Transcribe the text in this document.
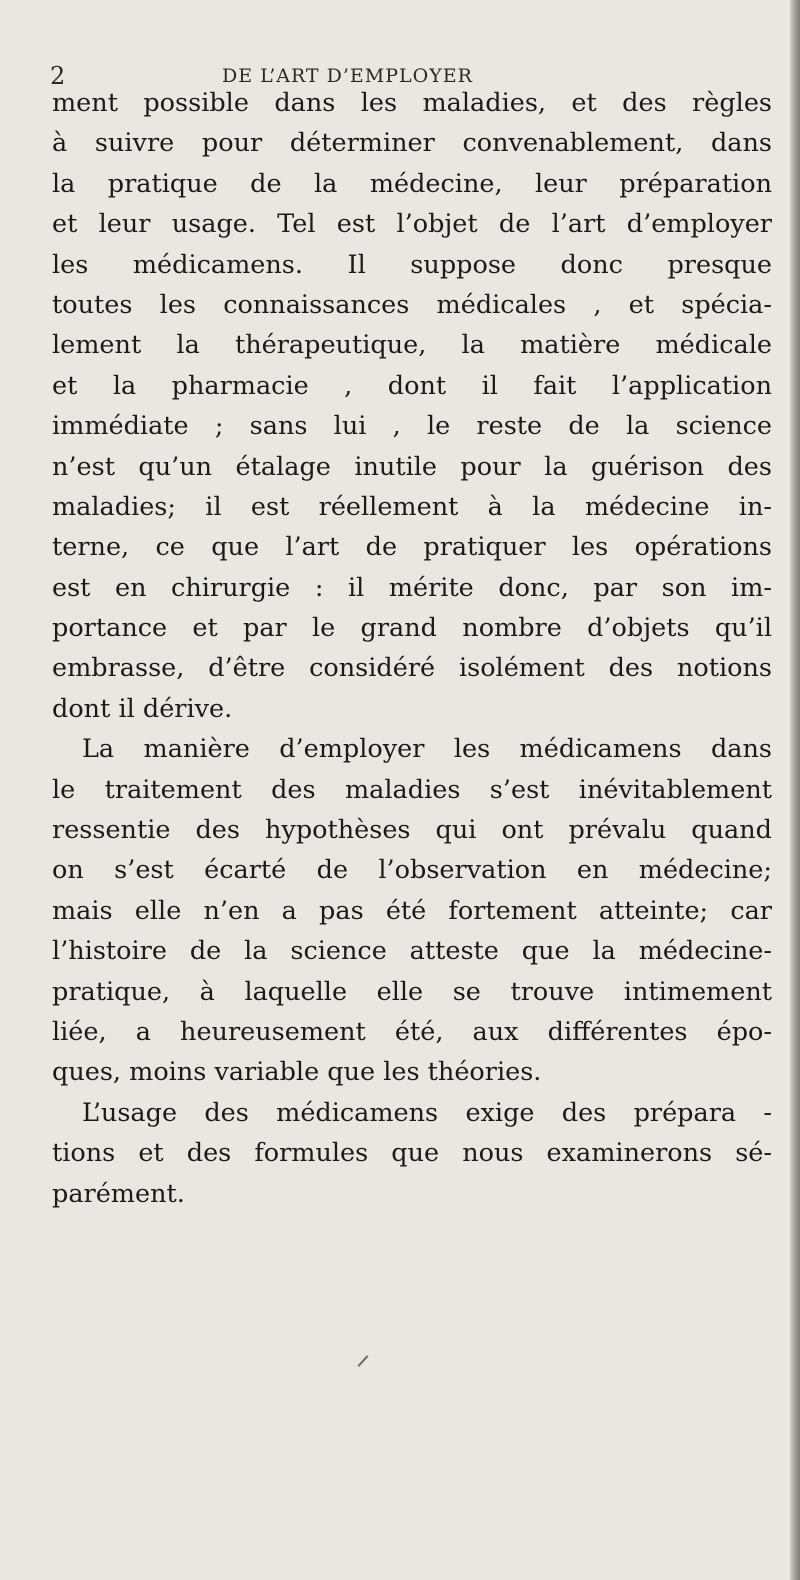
2	DE L’ART D’EMPLOYER
ment possible dans les maladies, et des règles
à suivre pour déterminer convenablement, dans
la pratique de la médecine, leur préparation
et leur usage. Tel est l’objet de l’art d’employer
les médicamens. Il suppose donc presque
toutes les connaissances médicales , et spécia-
lement la thérapeutique, la matière médicale
et la pharmacie , dont il fait l’application
immédiate ; sans lui , le reste de la science
n’est qu’un étalage inutile pour la guérison des
maladies; il est réellement à la médecine in-
terne, ce que l’art de pratiquer les opérations
est en chirurgie : il mérite donc, par son im-
portance et par le grand nombre d’objets qu’il
embrasse, d’être considéré isolément des notions
dont il dérive.
La manière d’employer les médicamens dans
le traitement des maladies s’est inévitablement
ressentie des hypothèses qui ont prévalu quand
on s’est écarté de l’observation en médecine;
mais elle n’en a pas été fortement atteinte; car
l’histoire de la science atteste que la médecine-
pratique, à laquelle elle se trouve intimement
liée, a heureusement été, aux différentes épo-
ques, moins variable que les théories.
L’usage des médicamens exige des prépara -
tions et des formules que nous examinerons sé-
parément.
